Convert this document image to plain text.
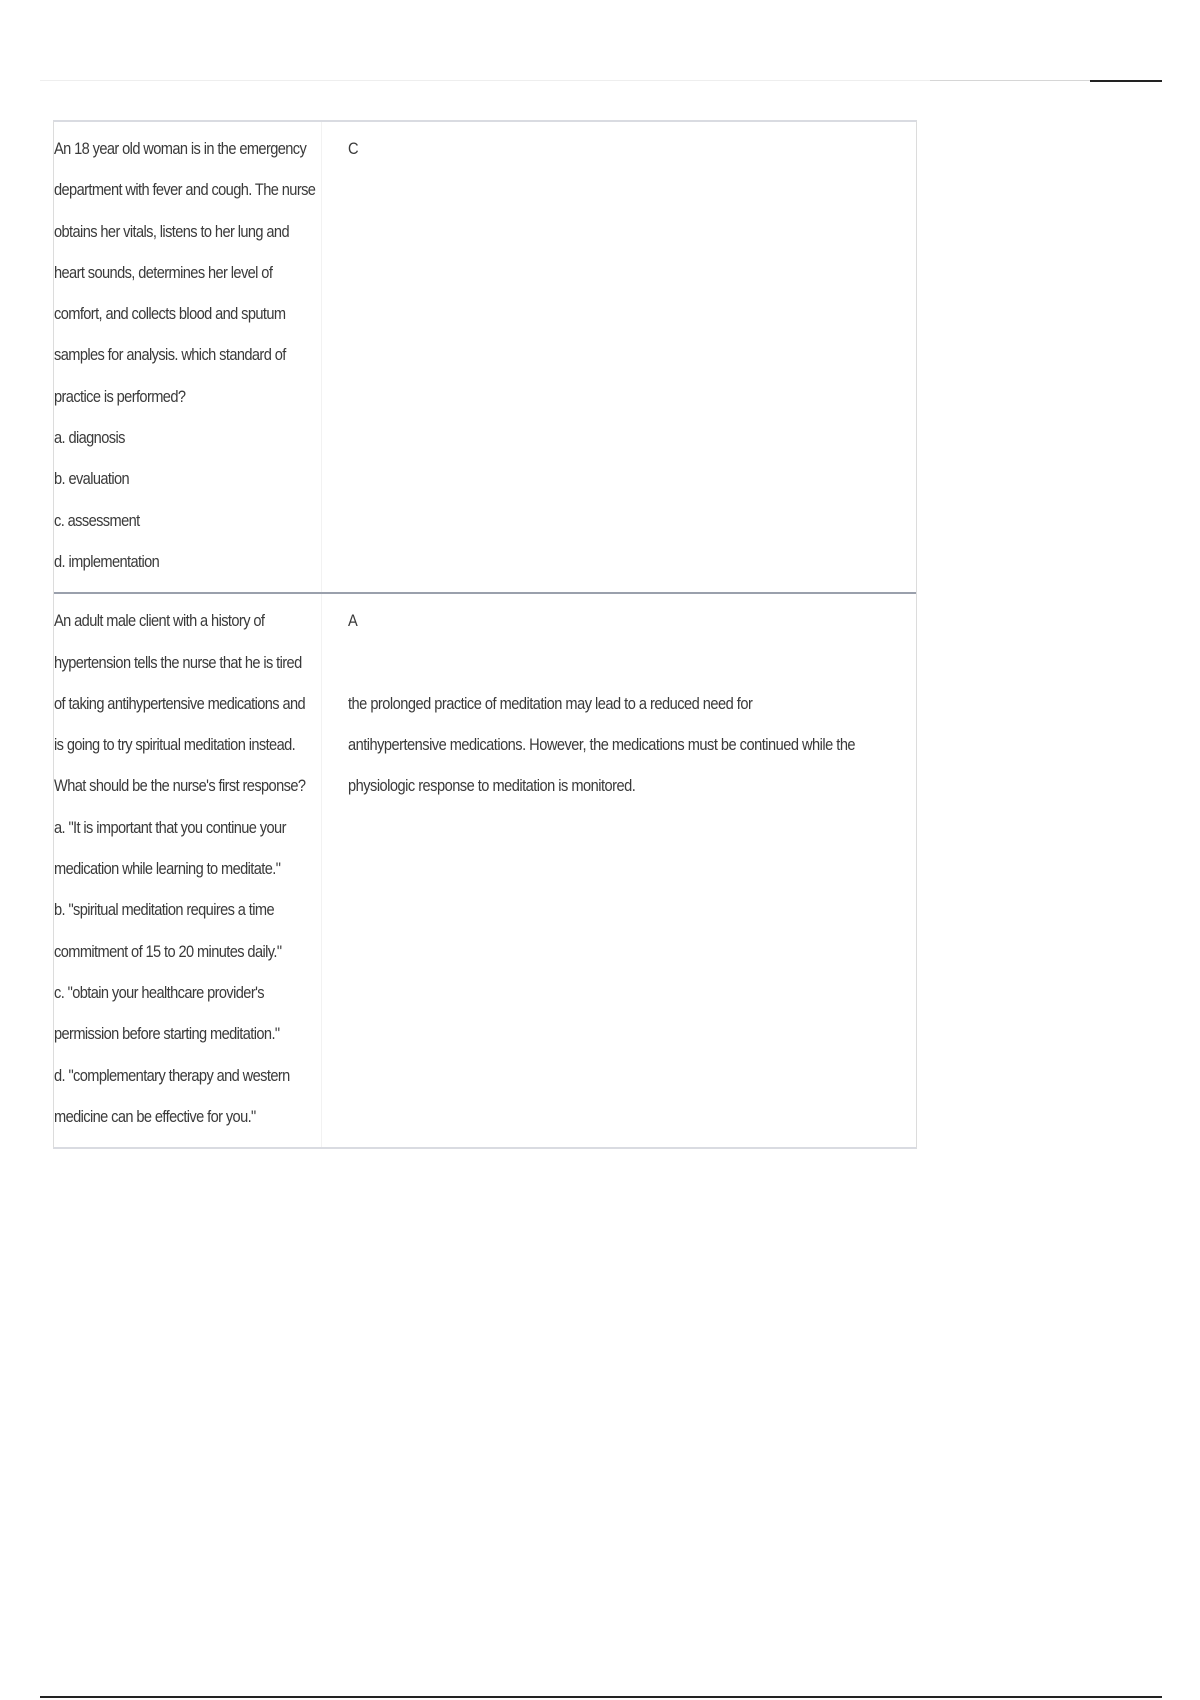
An 18 year old woman is in the emergency
department with fever and cough. The nurse
obtains her vitals, listens to her lung and
heart sounds, determines her level of
comfort, and collects blood and sputum
samples for analysis. which standard of
practice is performed?
a. diagnosis
b. evaluation
c. assessment
d. implementation
C
An adult male client with a history of
hypertension tells the nurse that he is tired
of taking antihypertensive medications and
is going to try spiritual meditation instead.
What should be the nurse's first response?
a. "It is important that you continue your
medication while learning to meditate."
b. "spiritual meditation requires a time
commitment of 15 to 20 minutes daily."
c. "obtain your healthcare provider's
permission before starting meditation."
d. "complementary therapy and western
medicine can be effective for you."
A
the prolonged practice of meditation may lead to a reduced need for
antihypertensive medications. However, the medications must be continued while the
physiologic response to meditation is monitored.
